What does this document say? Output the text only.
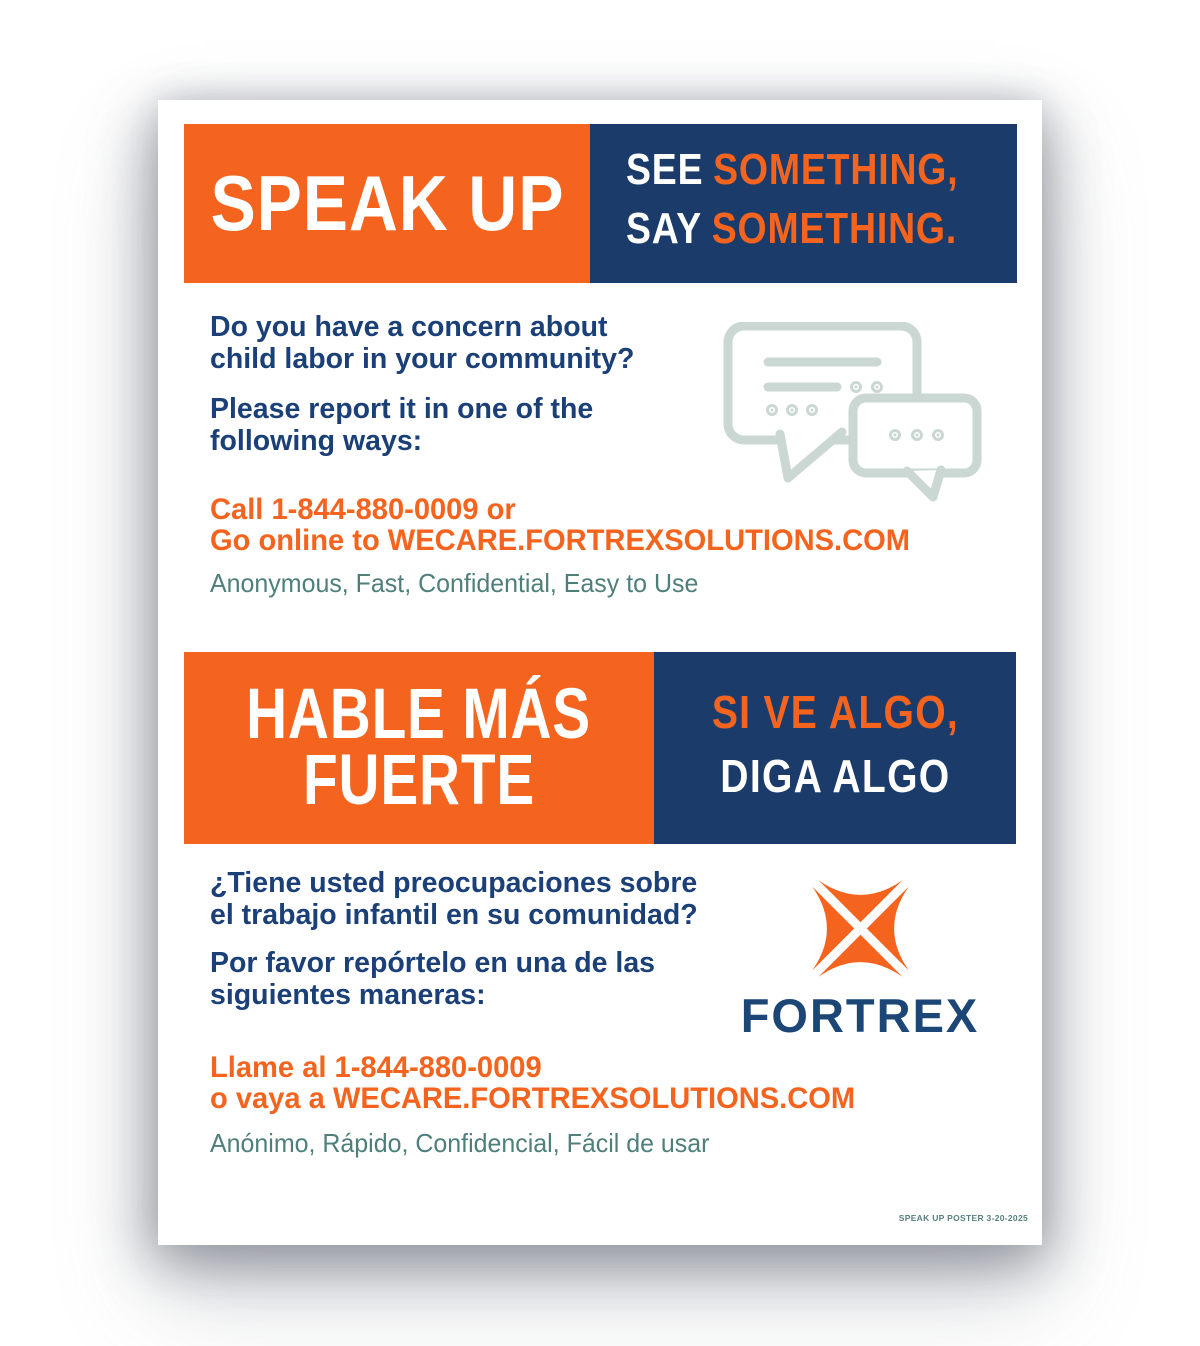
SPEAK UP SEE SOMETHING,
SAY SOMETHING.
Do you have a concern about
child labor in your community?
Please report it in one of the
following ways:
Call 1-844-880-0009 or
Go online to WECARE.FORTREXSOLUTIONS.COM
Anonymous, Fast, Confidential, Easy to Use
HABLE MÁS
FUERTE
SI VE ALGO,
DIGA ALGO
¿Tiene usted preocupaciones sobre
el trabajo infantil en su comunidad?
Por favor repórtelo en una de las
siguientes maneras:	FORTREX
Llame al 1-844-880-0009
o vaya a WECARE.FORTREXSOLUTIONS.COM
Anónimo, Rápido, Confidencial, Fácil de usar
SPEAK UP POSTER 3-20-2025
